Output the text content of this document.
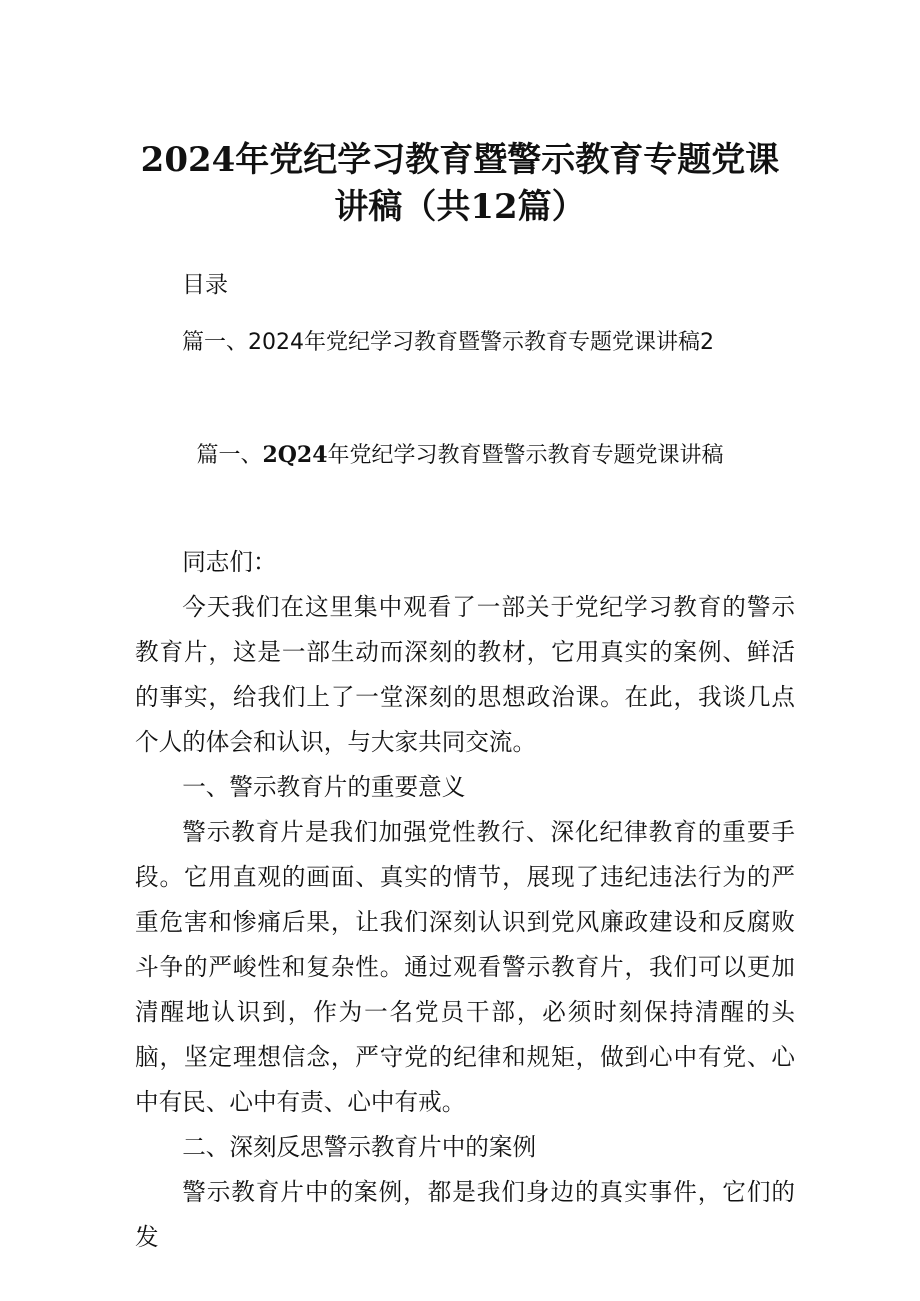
2024年党纪学习教育暨警示教育专题党课
讲稿（共12篇）

目录

篇一、2024年党纪学习教育暨警示教育专题党课讲稿2

篇一、2Q24年党纪学习教育暨警示教育专题党课讲稿

同志们：

今天我们在这里集中观看了一部关于党纪学习教育的警示教育片，这是一部生动而深刻的教材，它用真实的案例、鲜活的事实，给我们上了一堂深刻的思想政治课。在此，我谈几点个人的体会和认识，与大家共同交流。

一、警示教育片的重要意义

警示教育片是我们加强党性教行、深化纪律教育的重要手段。它用直观的画面、真实的情节，展现了违纪违法行为的严重危害和惨痛后果，让我们深刻认识到党风廉政建设和反腐败斗争的严峻性和复杂性。通过观看警示教育片，我们可以更加清醒地认识到，作为一名党员干部，必须时刻保持清醒的头脑，坚定理想信念，严守党的纪律和规矩，做到心中有党、心中有民、心中有责、心中有戒。

二、深刻反思警示教育片中的案例

警示教育片中的案例，都是我们身边的真实事件，它们的发
